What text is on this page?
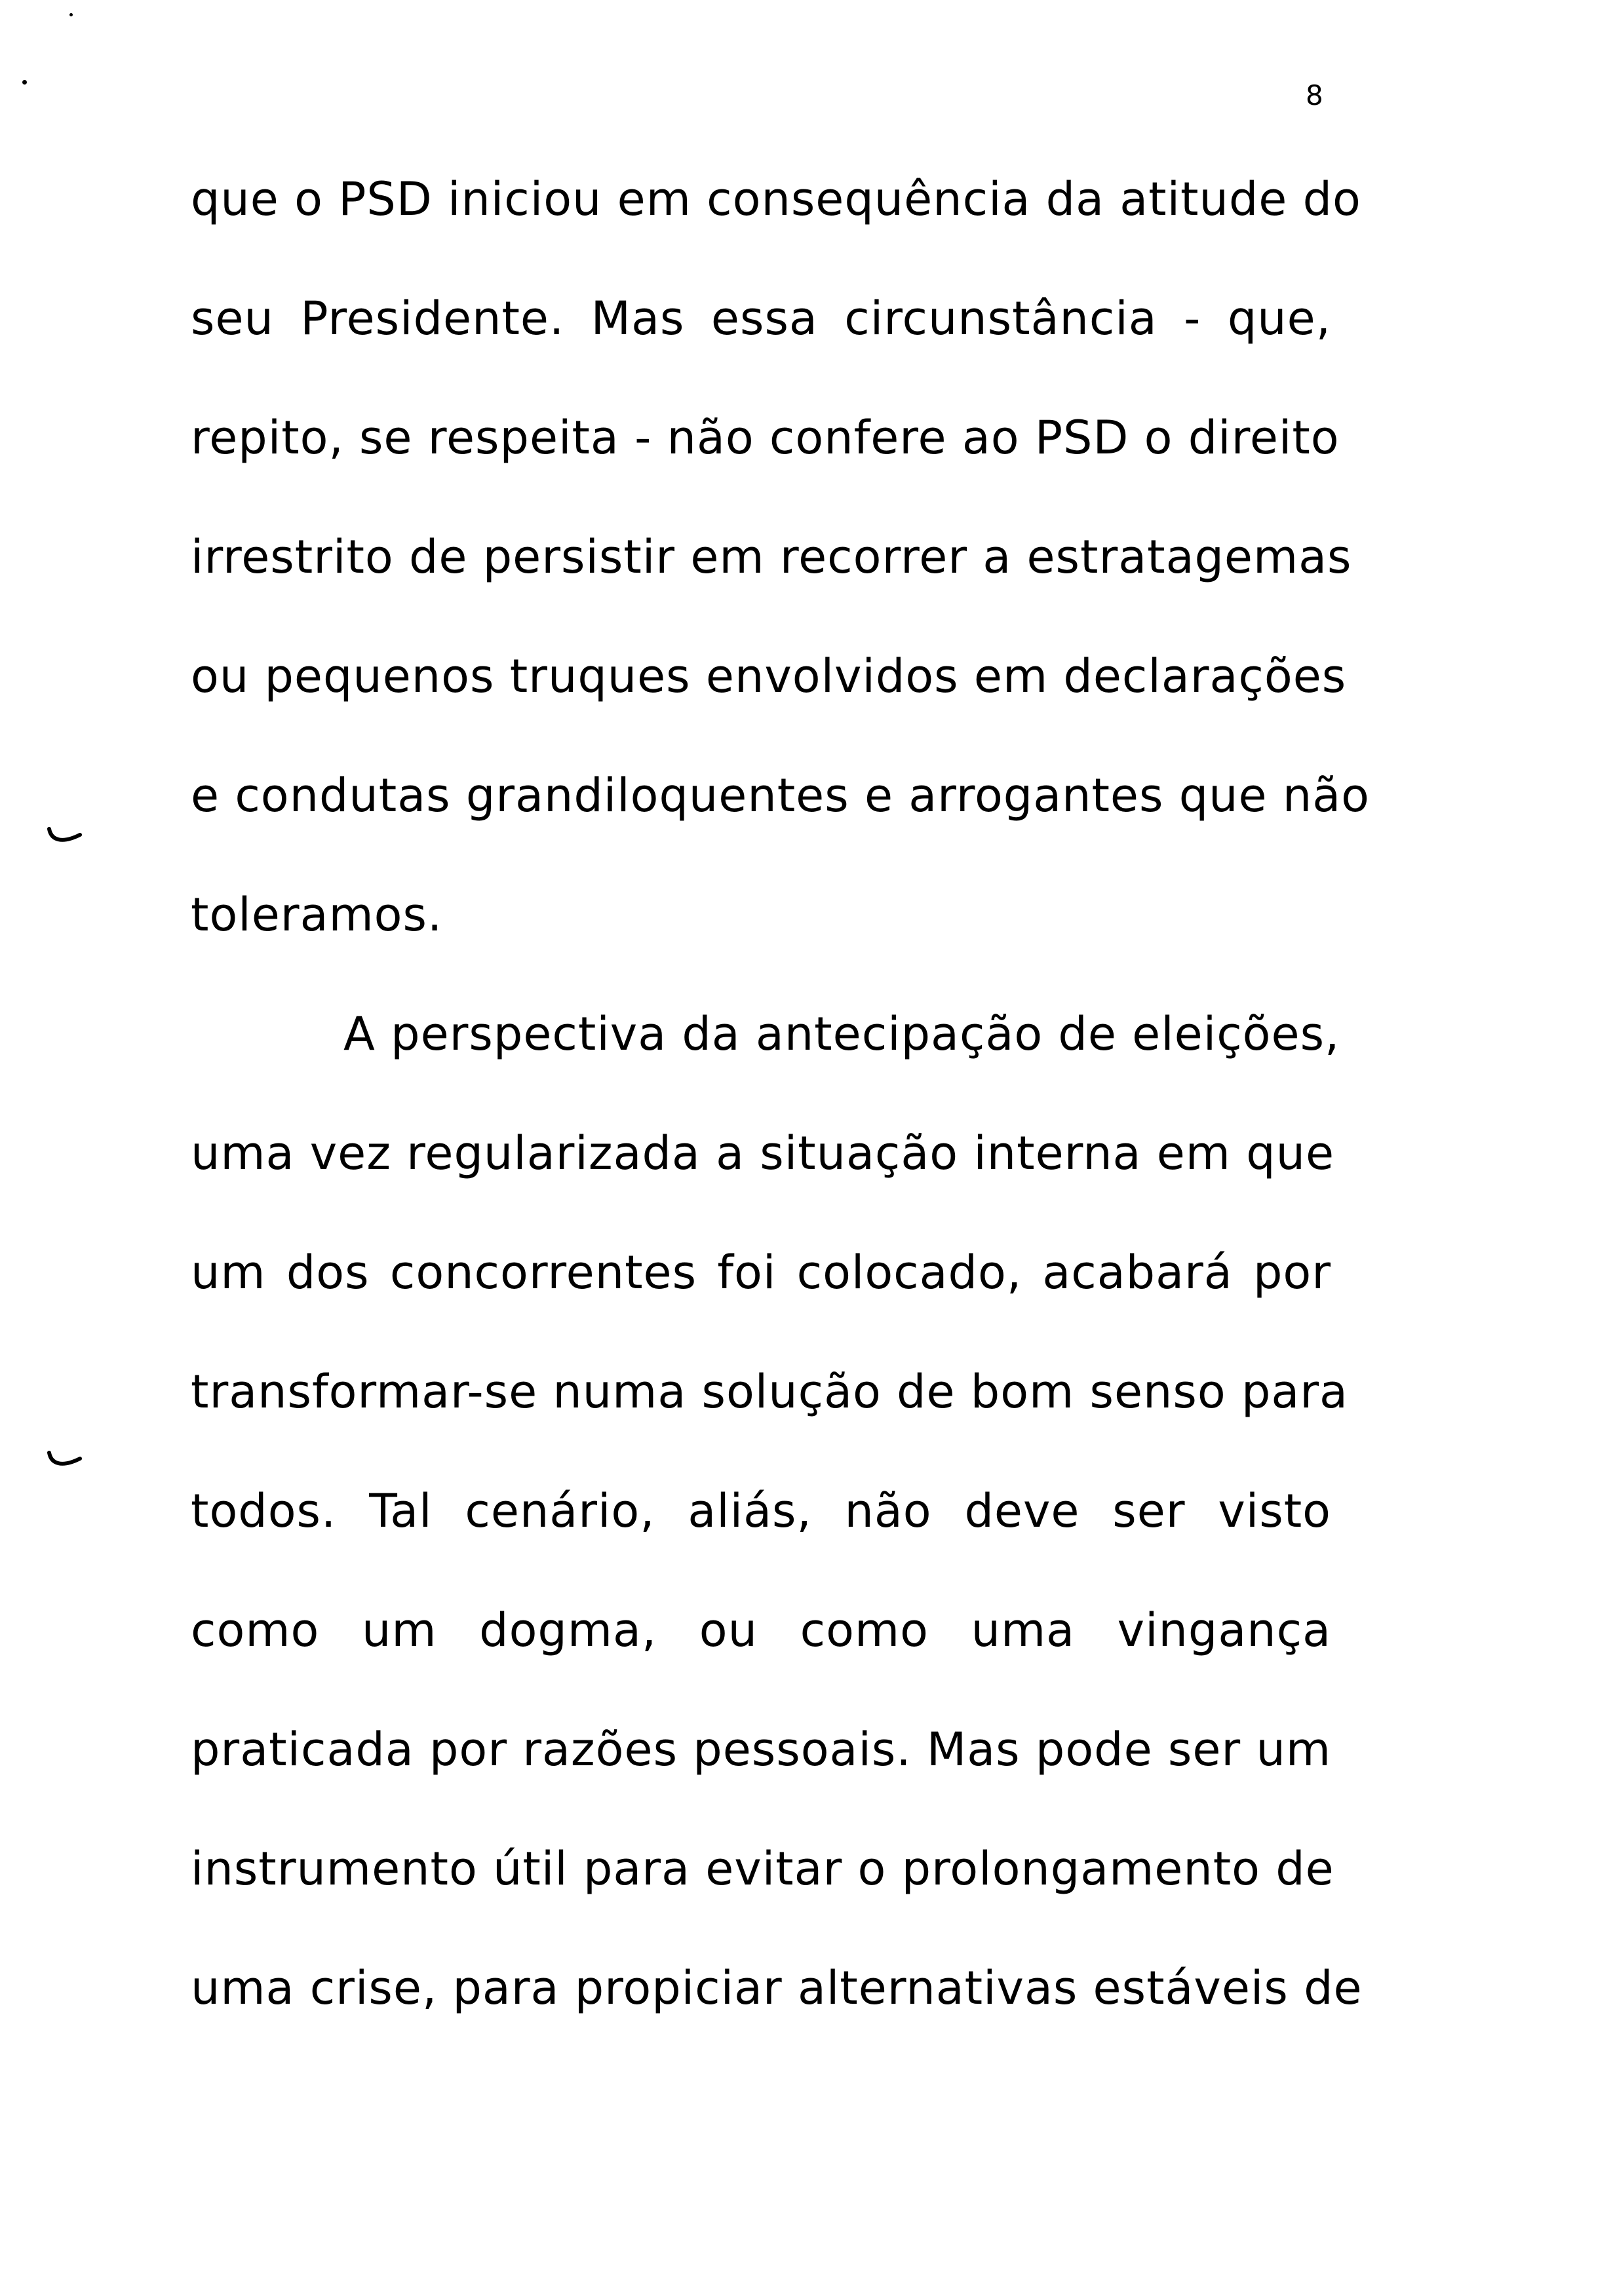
8
que o PSD iniciou em consequência da atitude do
seu Presidente. Mas essa circunstância - que,
repito, se respeita - não confere ao PSD o direito
irrestrito de persistir em recorrer a estratagemas
ou pequenos truques envolvidos em declarações
e condutas grandiloquentes e arrogantes que não
toleramos.
A perspectiva da antecipação de eleições,
uma vez regularizada a situação interna em que
um dos concorrentes foi colocado, acabará por
transformar-se numa solução de bom senso para
todos. Tal cenário, aliás, não deve ser visto
como um dogma, ou como uma vingança
praticada por razões pessoais. Mas pode ser um
instrumento útil para evitar o prolongamento de
uma crise, para propiciar alternativas estáveis de
